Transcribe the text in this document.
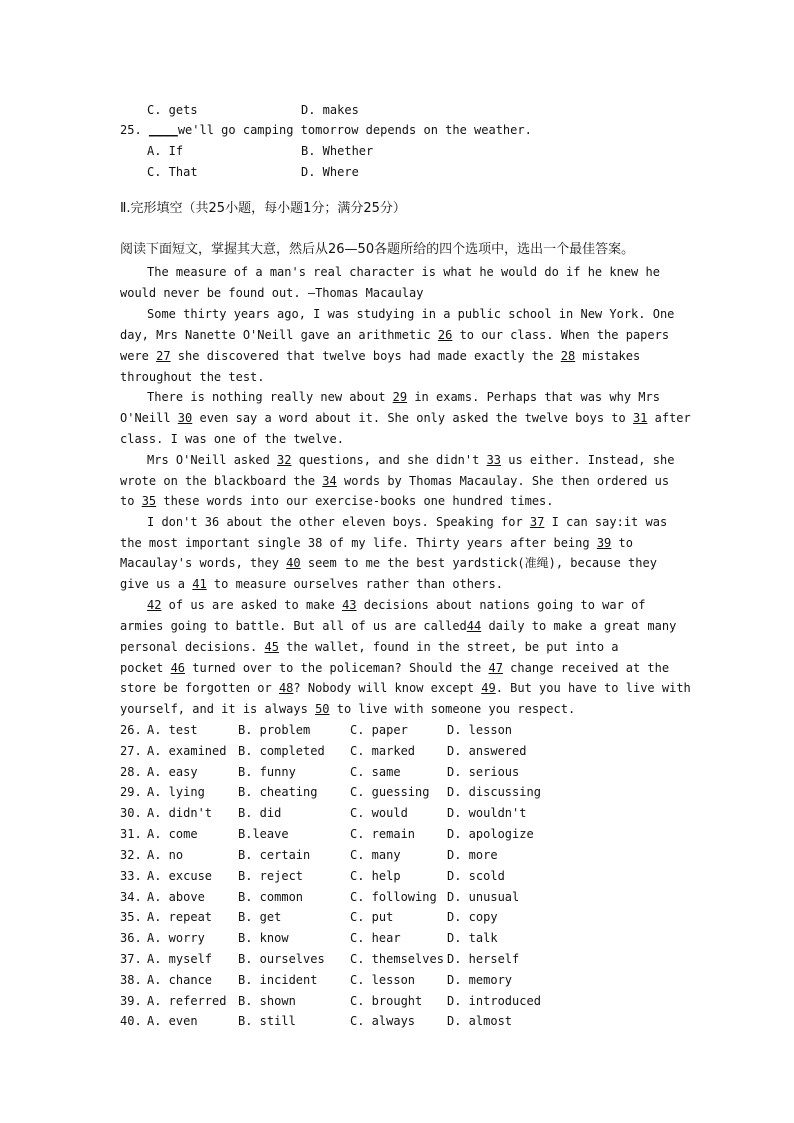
C. gets	D. makes
25. ____we'll go camping tomorrow depends on the weather.
A. If	B. Whether
C. That	D. Where
Ⅱ.完形填空（共25小题，每小题1分；满分25分）
阅读下面短文，掌握其大意，然后从26—50各题所给的四个选项中，选出一个最佳答案。
The measure of a man's real character is what he would do if he knew he
would never be found out. —Thomas Macaulay
Some thirty years ago, I was studying in a public school in New York. One
day, Mrs Nanette O'Neill gave an arithmetic 26 to our class. When the papers
were 27 she discovered that twelve boys had made exactly the 28 mistakes
throughout the test.
There is nothing really new about 29 in exams. Perhaps that was why Mrs
O'Neill 30 even say a word about it. She only asked the twelve boys to 31 after
class. I was one of the twelve.
Mrs O'Neill asked 32 questions, and she didn't 33 us either. Instead, she
wrote on the blackboard the 34 words by Thomas Macaulay. She then ordered us
to 35 these words into our exercise-books one hundred times.
I don't 36 about the other eleven boys. Speaking for 37 I can say:it was
the most important single 38 of my life. Thirty years after being 39 to
Macaulay's words, they 40 seem to me the best yardstick(准绳), because they
give us a 41 to measure ourselves rather than others.
42 of us are asked to make 43 decisions about nations going to war of
armies going to battle. But all of us are called44 daily to make a great many
personal decisions. 45 the wallet, found in the street, be put into a
pocket 46 turned over to the policeman? Should the 47 change received at the
store be forgotten or 48? Nobody will know except 49. But you have to live with
yourself, and it is always 50 to live with someone you respect.
26. A. test	B. problem	C. paper	D. lesson
27. A. examined B. completed C. marked	D. answered
28. A. easy	B. funny	C. same	D. serious
29. A. lying	B. cheating	C. guessing D. discussing
30. A. didn't B. did	C. would	D. wouldn't
31. A. come	B.leave	C. remain	D. apologize
32. A. no	B. certain	C. many	D. more
33. A. excuse B. reject	C. help	D. scold
34. A. above	B. common	C. following D. unusual
35. A. repeat B. get	C. put	D. copy
36. A. worry	B. know	C. hear	D. talk
37. A. myself B. ourselves C. themselves D. herself
38. A. chance B. incident	C. lesson	D. memory
39. A. referred B. shown	C. brought D. introduced
40. A. even	B. still	C. always	D. almost
